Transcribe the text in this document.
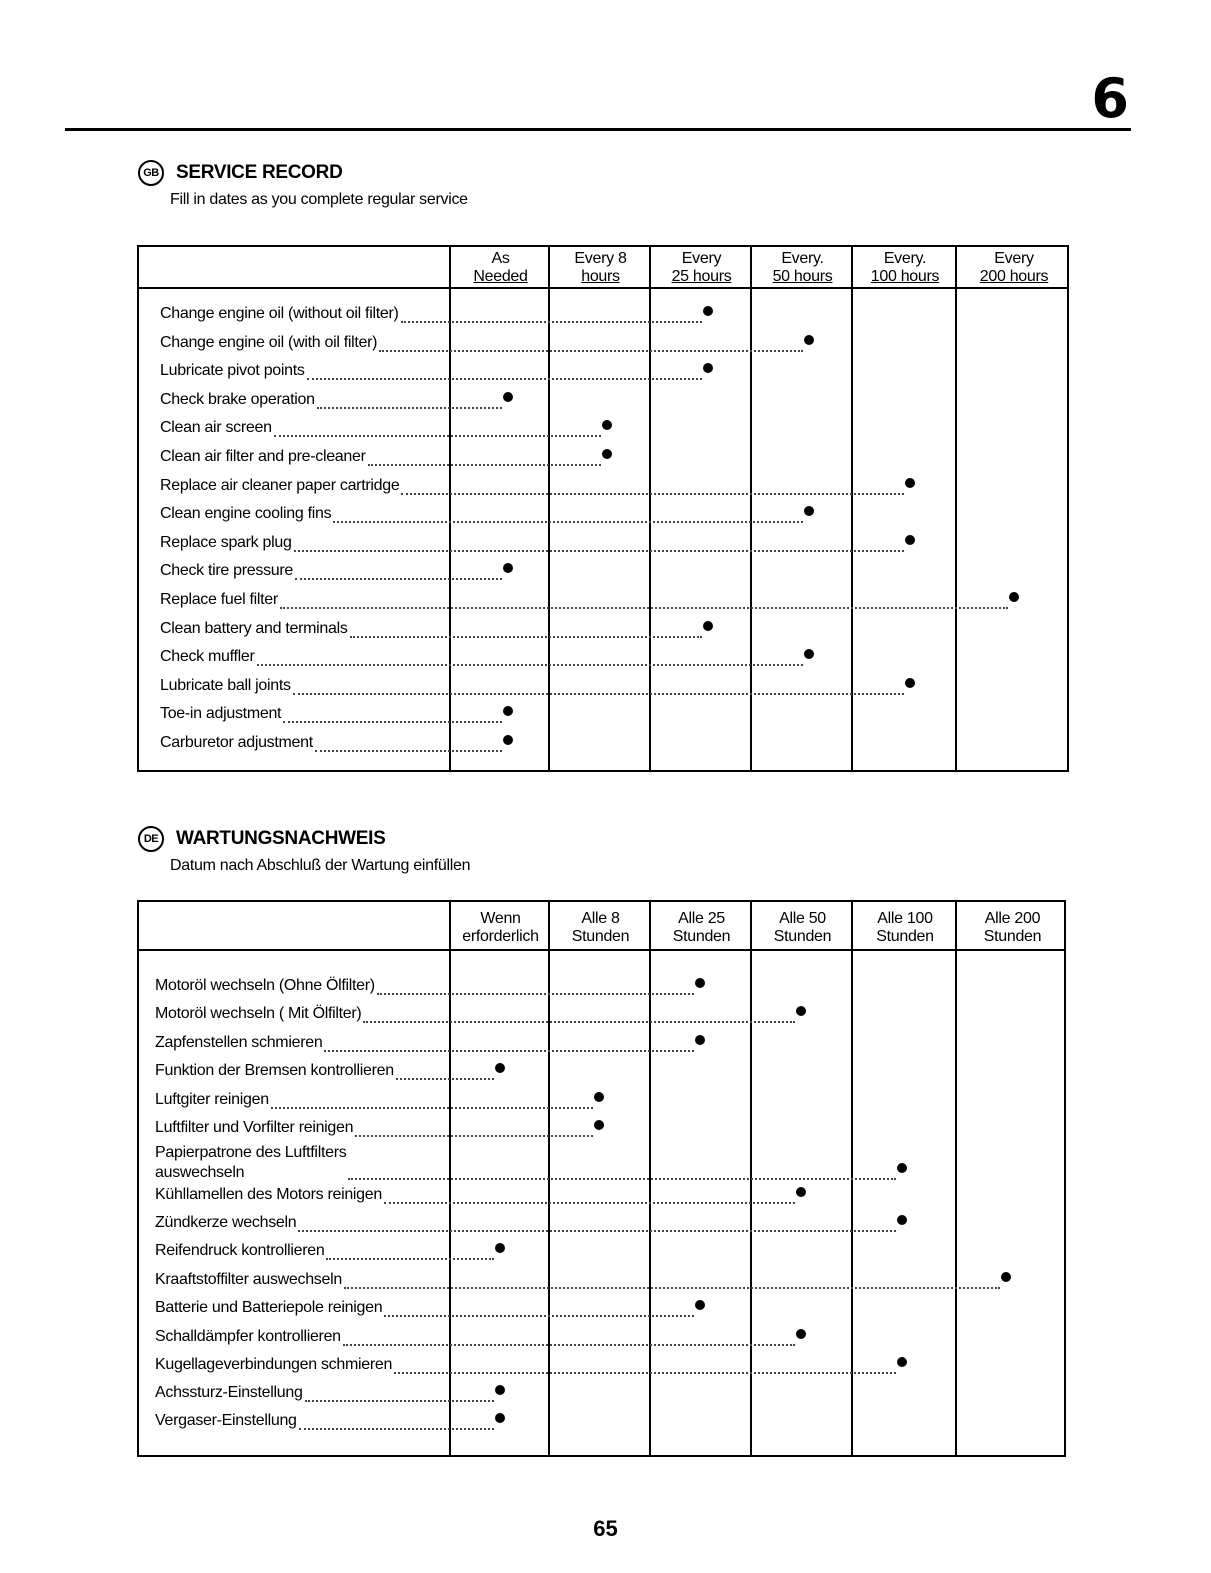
6
GB SERVICE RECORD
Fill in dates as you complete regular service
As
Needed
Every 8
hours
Every
25 hours
Every.
50 hours
Every.
100 hours
Every
200 hours
Change engine oil (without oil filter)
Change engine oil (with oil filter)
Lubricate pivot points
Check brake operation
Clean air screen
Clean air filter and pre-cleaner
Replace air cleaner paper cartridge
Clean engine cooling fins
Replace spark plug
Check tire pressure
Replace fuel filter
Clean battery and terminals
Check muffler
Lubricate ball joints
Toe-in adjustment
Carburetor adjustment
DE WARTUNGSNACHWEIS
Datum nach Abschluß der Wartung einfüllen
Wenn
erforderlich
Alle 8
Stunden
Alle 25
Stunden
Alle 50
Stunden
Alle 100
Stunden
Alle 200
Stunden
Motoröl wechseln (Ohne Ölfilter)
Motoröl wechseln ( Mit Ölfilter)
Zapfenstellen schmieren
Funktion der Bremsen kontrollieren
Luftgiter reinigen
Luftfilter und Vorfilter reinigen
Papierpatrone des Luftfilters
auswechseln
Kühllamellen des Motors reinigen
Zündkerze wechseln
Reifendruck kontrollieren
Kraaftstoffilter auswechseln
Batterie und Batteriepole reinigen
Schalldämpfer kontrollieren
Kugellageverbindungen schmieren
Achssturz-Einstellung
Vergaser-Einstellung
65
